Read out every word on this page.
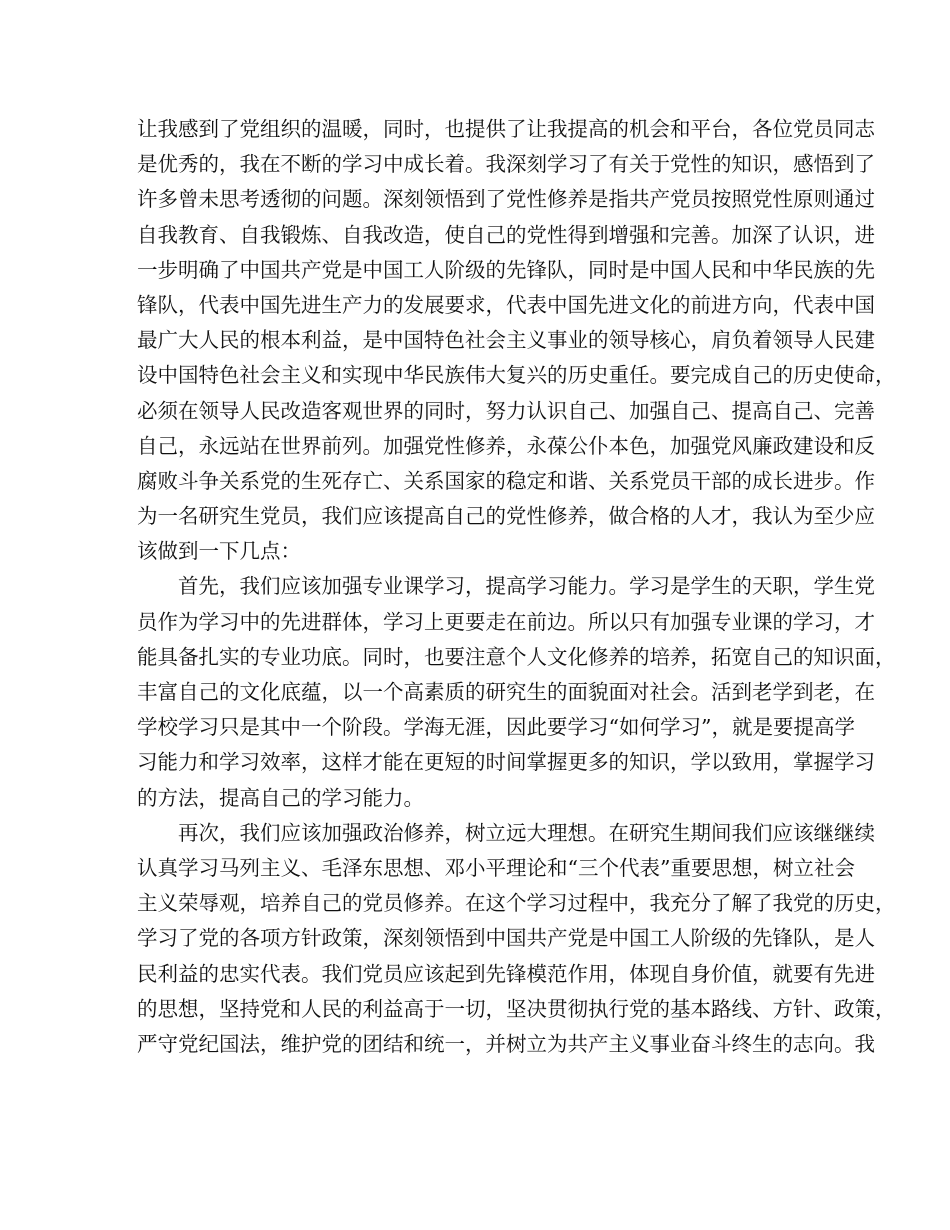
让我感到了党组织的温暖，同时，也提供了让我提高的机会和平台，各位党员同志
是优秀的，我在不断的学习中成长着。我深刻学习了有关于党性的知识，感悟到了
许多曾未思考透彻的问题。深刻领悟到了党性修养是指共产党员按照党性原则通过
自我教育、自我锻炼、自我改造，使自己的党性得到增强和完善。加深了认识，进
一步明确了中国共产党是中国工人阶级的先锋队，同时是中国人民和中华民族的先
锋队，代表中国先进生产力的发展要求，代表中国先进文化的前进方向，代表中国
最广大人民的根本利益，是中国特色社会主义事业的领导核心，肩负着领导人民建
设中国特色社会主义和实现中华民族伟大复兴的历史重任。要完成自己的历史使命，
必须在领导人民改造客观世界的同时，努力认识自己、加强自己、提高自己、完善
自己，永远站在世界前列。加强党性修养，永葆公仆本色，加强党风廉政建设和反
腐败斗争关系党的生死存亡、关系国家的稳定和谐、关系党员干部的成长进步。作
为一名研究生党员，我们应该提高自己的党性修养，做合格的人才，我认为至少应
该做到一下几点：
首先，我们应该加强专业课学习，提高学习能力。学习是学生的天职，学生党
员作为学习中的先进群体，学习上更要走在前边。所以只有加强专业课的学习，才
能具备扎实的专业功底。同时，也要注意个人文化修养的培养，拓宽自己的知识面，
丰富自己的文化底蕴，以一个高素质的研究生的面貌面对社会。活到老学到老，在
学校学习只是其中一个阶段。学海无涯，因此要学习“如何学习”，就是要提高学
习能力和学习效率，这样才能在更短的时间掌握更多的知识，学以致用，掌握学习
的方法，提高自己的学习能力。
再次，我们应该加强政治修养，树立远大理想。在研究生期间我们应该继继续
认真学习马列主义、毛泽东思想、邓小平理论和“三个代表”重要思想，树立社会
主义荣辱观，培养自己的党员修养。在这个学习过程中，我充分了解了我党的历史，
学习了党的各项方针政策，深刻领悟到中国共产党是中国工人阶级的先锋队，是人
民利益的忠实代表。我们党员应该起到先锋模范作用，体现自身价值，就要有先进
的思想，坚持党和人民的利益高于一切，坚决贯彻执行党的基本路线、方针、政策，
严守党纪国法，维护党的团结和统一，并树立为共产主义事业奋斗终生的志向。我
